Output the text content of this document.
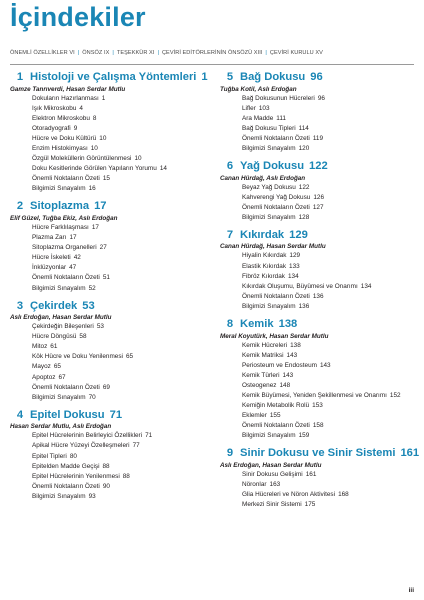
İçindekiler
ÖNEMLİ ÖZELLİKLER VI | ÖNSÖZ IX | TEŞEKKÜR XI | ÇEVİRİ EDİTÖRLERİNİN ÖNSÖZÜ XIII | ÇEVİRİ KURULU XV
1 Histoloji ve Çalışma Yöntemleri 1
Gamze Tanrıverdi, Hasan Serdar Mutlu
Dokuların Hazırlanması 1
Işık Mikroskobu 4
Elektron Mikroskobu 8
Otoradyografi 9
Hücre ve Doku Kültürü 10
Enzim Histokimyası 10
Özgül Moleküllerin Görüntülenmesi 10
Doku Kesitlerinde Görülen Yapıların Yorumu 14
Önemli Noktaların Özeti 15
Bilgimizi Sınayalım 16
2 Sitoplazma 17
Elif Güzel, Tuğba Ekiz, Aslı Erdoğan
Hücre Farklılaşması 17
Plazma Zarı 17
Sitoplazma Organelleri 27
Hücre İskeleti 42
İnklüzyonlar 47
Önemli Noktaların Özeti 51
Bilgimizi Sınayalım 52
3 Çekirdek 53
Aslı Erdoğan, Hasan Serdar Mutlu
Çekirdeğin Bileşenleri 53
Hücre Döngüsü 58
Mitoz 61
Kök Hücre ve Doku Yenilenmesi 65
Mayoz 65
Apoptoz 67
Önemli Noktaların Özeti 69
Bilgimizi Sınayalım 70
4 Epitel Dokusu 71
Hasan Serdar Mutlu, Aslı Erdoğan
Epitel Hücrelerinin Belirleyici Özellikleri 71
Apikal Hücre Yüzeyi Özelleşmeleri 77
Epitel Tipleri 80
Epitelden Madde Geçişi 88
Epitel Hücrelerinin Yenilenmesi 88
Önemli Noktaların Özeti 90
Bilgimizi Sınayalım 93
5 Bağ Dokusu 96
Tuğba Kotil, Aslı Erdoğan
Bağ Dokusunun Hücreleri 96
Lifler 103
Ara Madde 111
Bağ Dokusu Tipleri 114
Önemli Noktaların Özeti 119
Bilgimizi Sınayalım 120
6 Yağ Dokusu 122
Canan Hürdağ, Aslı Erdoğan
Beyaz Yağ Dokusu 122
Kahverengi Yağ Dokusu 126
Önemli Noktaların Özeti 127
Bilgimizi Sınayalım 128
7 Kıkırdak 129
Canan Hürdağ, Hasan Serdar Mutlu
Hiyalin Kıkırdak 129
Elastik Kıkırdak 133
Fibröz Kıkırdak 134
Kıkırdak Oluşumu, Büyümesi ve Onarımı 134
Önemli Noktaların Özeti 136
Bilgimizi Sınayalım 136
8 Kemik 138
Meral Koyutürk, Hasan Serdar Mutlu
Kemik Hücreleri 138
Kemik Matriksi 143
Periosteum ve Endosteum 143
Kemik Türleri 143
Osteogenez 148
Kemik Büyümesi, Yeniden Şekillenmesi ve Onarımı 152
Kemiğin Metabolik Rolü 153
Eklemler 155
Önemli Noktaların Özeti 158
Bilgimizi Sınayalım 159
9 Sinir Dokusu ve Sinir Sistemi 161
Aslı Erdoğan, Hasan Serdar Mutlu
Sinir Dokusu Gelişimi 161
Nöronlar 163
Glia Hücreleri ve Nöron Aktivitesi 168
Merkezi Sinir Sistemi 175
iii
